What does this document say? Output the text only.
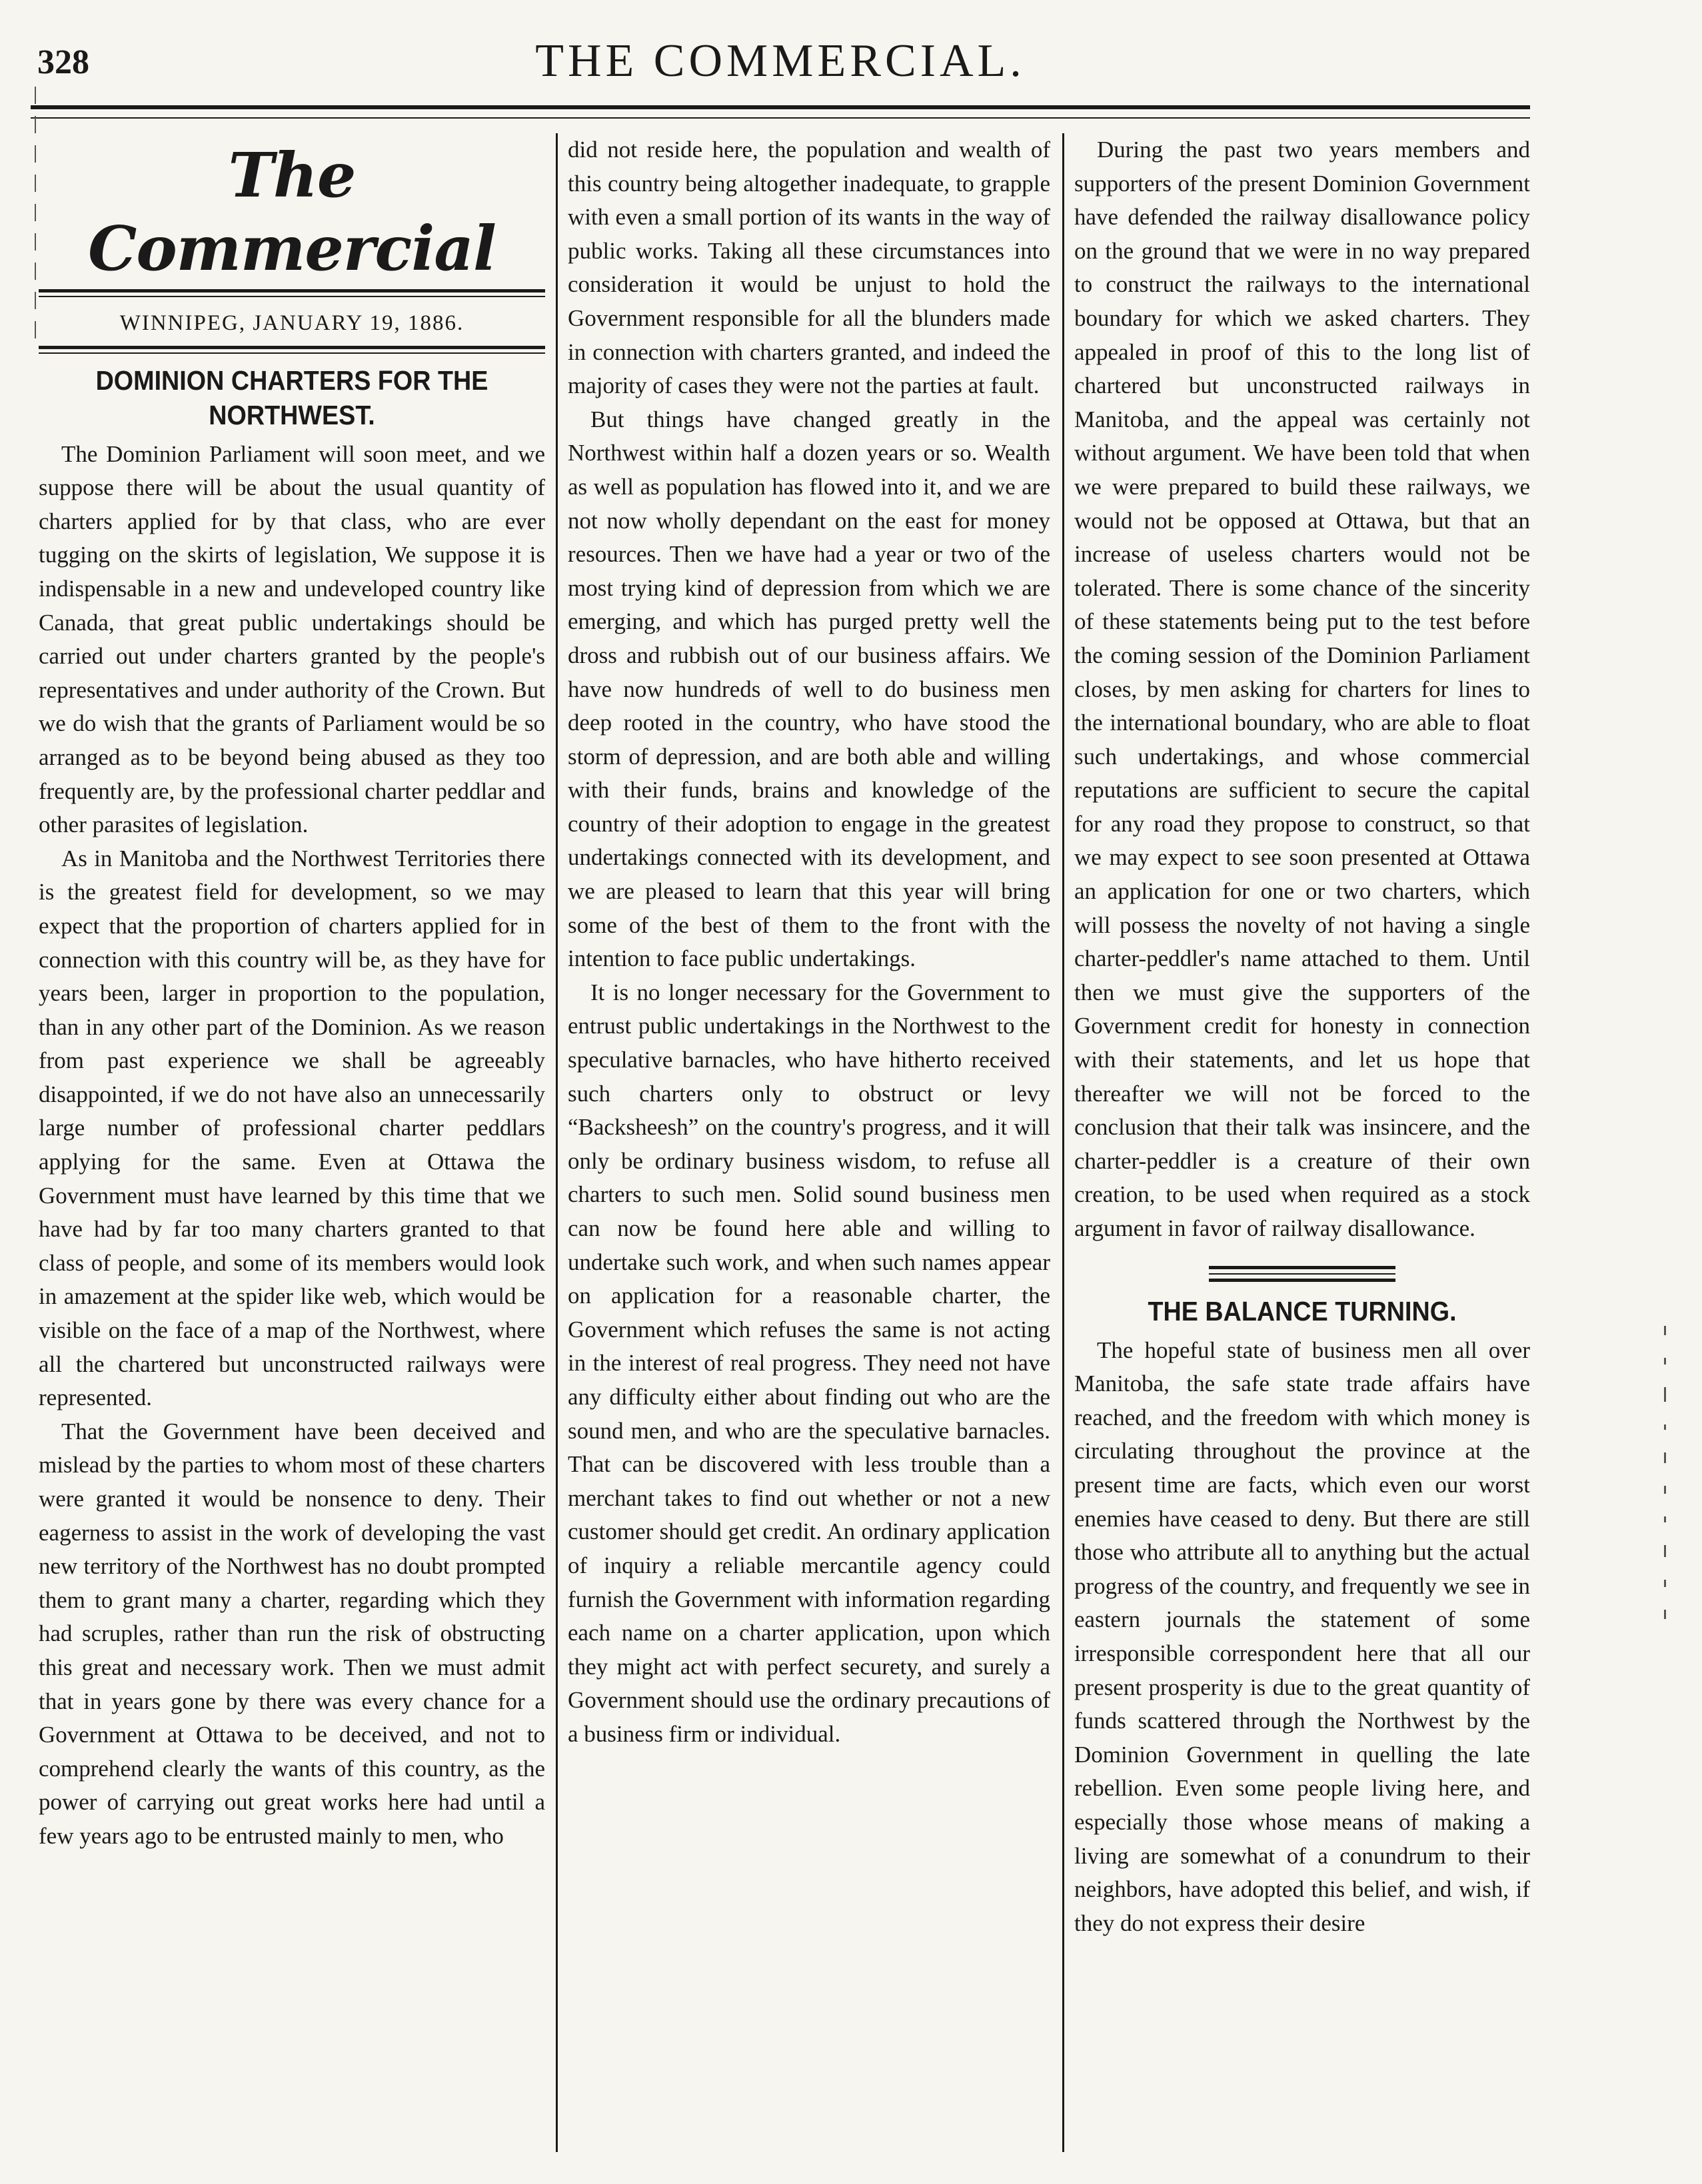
328	THE COMMERCIAL.
The Commercial
WINNIPEG, JANUARY 19, 1886.
DOMINION CHARTERS FOR THE NORTHWEST.

The Dominion Parliament will soon meet, and we suppose there will be about the usual quantity of charters applied for by that class, who are ever tugging on the skirts of legislation, We suppose it is indispensable in a new and undeveloped country like Canada, that great public undertakings should be carried out under charters granted by the people's representatives and under authority of the Crown. But we do wish that the grants of Parliament would be so arranged as to be beyond being abused as they too frequently are, by the professional charter peddlar and other parasites of legislation.

As in Manitoba and the Northwest Territories there is the greatest field for development, so we may expect that the proportion of charters applied for in connection with this country will be, as they have for years been, larger in proportion to the population, than in any other part of the Dominion. As we reason from past experience we shall be agreeably disappointed, if we do not have also an unnecessarily large number of professional charter peddlars applying for the same. Even at Ottawa the Government must have learned by this time that we have had by far too many charters granted to that class of people, and some of its members would look in amazement at the spider like web, which would be visible on the face of a map of the Northwest, where all the chartered but unconstructed railways were represented.

That the Government have been deceived and mislead by the parties to whom most of these charters were granted it would be nonsence to deny. Their eagerness to assist in the work of developing the vast new territory of the Northwest has no doubt prompted them to grant many a charter, regarding which they had scruples, rather than run the risk of obstructing this great and necessary work. Then we must admit that in years gone by there was every chance for a Government at Ottawa to be deceived, and not to comprehend clearly the wants of this country, as the power of carrying out great works here had until a few years ago to be entrusted mainly to men, who

did not reside here, the population and wealth of this country being altogether inadequate, to grapple with even a small portion of its wants in the way of public works. Taking all these circumstances into consideration it would be unjust to hold the Government responsible for all the blunders made in connection with charters granted, and indeed the majority of cases they were not the parties at fault.

But things have changed greatly in the Northwest within half a dozen years or so. Wealth as well as population has flowed into it, and we are not now wholly dependant on the east for money resources. Then we have had a year or two of the most trying kind of depression from which we are emerging, and which has purged pretty well the dross and rubbish out of our business affairs. We have now hundreds of well to do business men deep rooted in the country, who have stood the storm of depression, and are both able and willing with their funds, brains and knowledge of the country of their adoption to engage in the greatest undertakings connected with its development, and we are pleased to learn that this year will bring some of the best of them to the front with the intention to face public undertakings.

It is no longer necessary for the Government to entrust public undertakings in the Northwest to the speculative barnacles, who have hitherto received such charters only to obstruct or levy “Backsheesh” on the country's progress, and it will only be ordinary business wisdom, to refuse all charters to such men. Solid sound business men can now be found here able and willing to undertake such work, and when such names appear on application for a reasonable charter, the Government which refuses the same is not acting in the interest of real progress. They need not have any difficulty either about finding out who are the sound men, and who are the speculative barnacles. That can be discovered with less trouble than a merchant takes to find out whether or not a new customer should get credit. An ordinary application of inquiry a reliable mercantile agency could furnish the Government with information regarding each name on a charter application, upon which they might act with perfect securety, and surely a Government should use the ordinary precautions of a business firm or individual.

During the past two years members and supporters of the present Dominion Government have defended the railway disallowance policy on the ground that we were in no way prepared to construct the railways to the international boundary for which we asked charters. They appealed in proof of this to the long list of chartered but unconstructed railways in Manitoba, and the appeal was certainly not without argument. We have been told that when we were prepared to build these railways, we would not be opposed at Ottawa, but that an increase of useless charters would not be tolerated. There is some chance of the sincerity of these statements being put to the test before the coming session of the Dominion Parliament closes, by men asking for charters for lines to the international boundary, who are able to float such undertakings, and whose commercial reputations are sufficient to secure the capital for any road they propose to construct, so that we may expect to see soon presented at Ottawa an application for one or two charters, which will possess the novelty of not having a single charter-peddler's name attached to them. Until then we must give the supporters of the Government credit for honesty in connection with their statements, and let us hope that thereafter we will not be forced to the conclusion that their talk was insincere, and the charter-peddler is a creature of their own creation, to be used when required as a stock argument in favor of railway disallowance.

THE BALANCE TURNING.

The hopeful state of business men all over Manitoba, the safe state trade affairs have reached, and the freedom with which money is circulating throughout the province at the present time are facts, which even our worst enemies have ceased to deny. But there are still those who attribute all to anything but the actual progress of the country, and frequently we see in eastern journals the statement of some irresponsible correspondent here that all our present prosperity is due to the great quantity of funds scattered through the Northwest by the Dominion Government in quelling the late rebellion. Even some people living here, and especially those whose means of making a living are somewhat of a conundrum to their neighbors, have adopted this belief, and wish, if they do not express their desire
